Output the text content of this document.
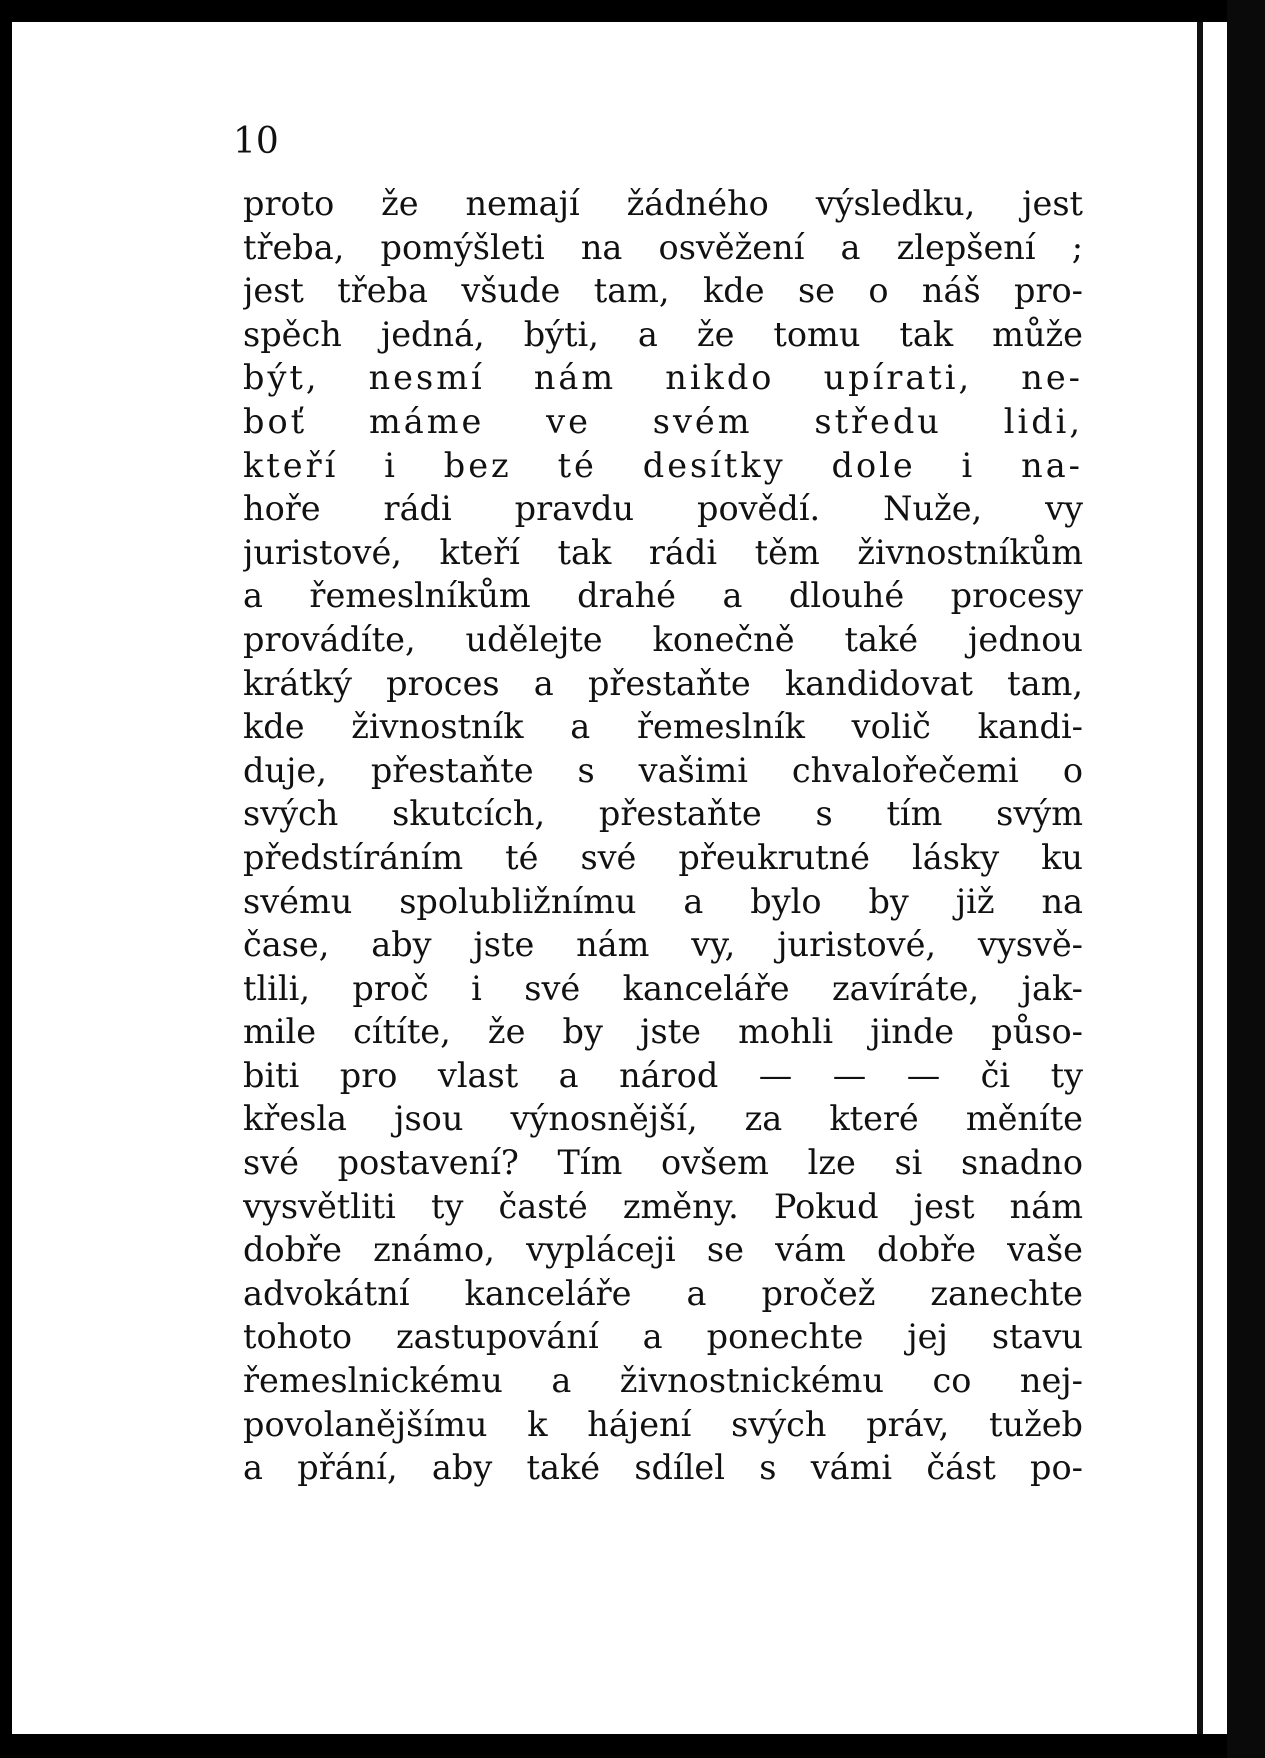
10
proto že nemají žádného výsledku, jest
třeba, pomýšleti na osvěžení a zlepšení ;
jest třeba všude tam, kde se o náš pro-
spěch jedná, býti, a že tomu tak může
být, nesmí nám nikdo upírati, ne-
boť máme ve svém středu lidi,
kteří i bez té desítky dole i na-
hoře rádi pravdu povědí. Nuže, vy
juristové, kteří tak rádi těm živnostníkům
a řemeslníkům drahé a dlouhé procesy
provádíte, udělejte konečně také jednou
krátký proces a přestaňte kandidovat tam,
kde živnostník a řemeslník volič kandi-
duje, přestaňte s vašimi chvalořečemi o
svých skutcích, přestaňte s tím svým
předstíráním té své přeukrutné lásky ku
svému spolubližnímu a bylo by již na
čase, aby jste nám vy, juristové, vysvě-
tlili, proč i své kanceláře zavíráte, jak-
mile cítíte, že by jste mohli jinde půso-
biti pro vlast a národ — — — či ty
křesla jsou výnosnější, za které měníte
své postavení? Tím ovšem lze si snadno
vysvětliti ty časté změny. Pokud jest nám
dobře známo, vypláceji se vám dobře vaše
advokátní kanceláře a pročež zanechte
tohoto zastupování a ponechte jej stavu
řemeslnickému a živnostnickému co nej-
povolanějšímu k hájení svých práv, tužeb
a přání, aby také sdílel s vámi část po-
